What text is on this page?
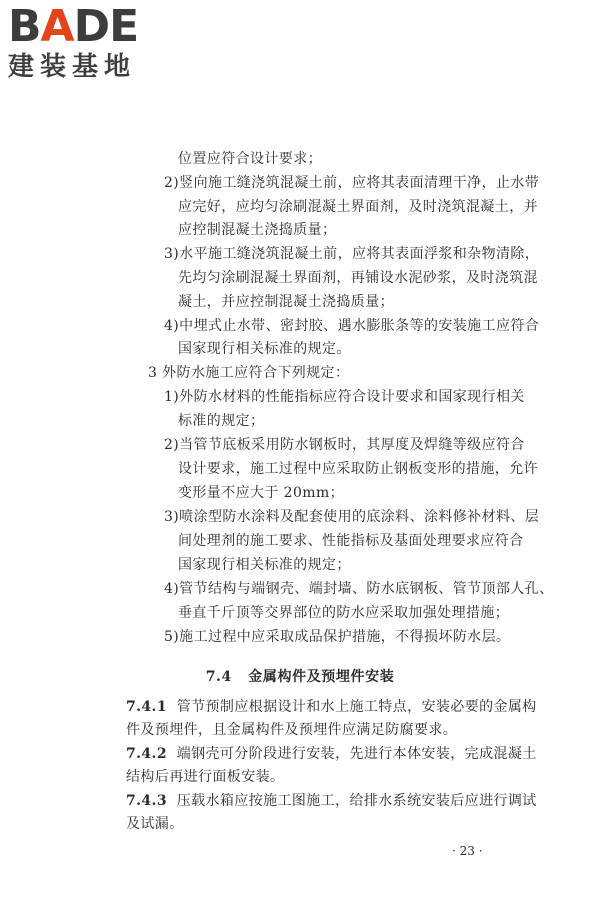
BADE
建装基地
位置应符合设计要求；
2)竖向施工缝浇筑混凝土前，应将其表面清理干净，止水带
应完好，应均匀涂刷混凝土界面剂，及时浇筑混凝土，并
应控制混凝土浇捣质量；
3)水平施工缝浇筑混凝土前，应将其表面浮浆和杂物清除，
先均匀涂刷混凝土界面剂，再铺设水泥砂浆，及时浇筑混
凝土，并应控制混凝土浇捣质量；
4)中埋式止水带、密封胶、遇水膨胀条等的安装施工应符合
国家现行相关标准的规定。
3 外防水施工应符合下列规定：
1)外防水材料的性能指标应符合设计要求和国家现行相关
标准的规定；
2)当管节底板采用防水钢板时，其厚度及焊缝等级应符合
设计要求，施工过程中应采取防止钢板变形的措施，允许
变形量不应大于 20mm；
3)喷涂型防水涂料及配套使用的底涂料、涂料修补材料、层
间处理剂的施工要求、性能指标及基面处理要求应符合
国家现行相关标准的规定；
4)管节结构与端钢壳、端封墙、防水底钢板、管节顶部人孔、
垂直千斤顶等交界部位的防水应采取加强处理措施；
5)施工过程中应采取成品保护措施，不得损坏防水层。
7.4 金属构件及预埋件安装
7.4.1 管节预制应根据设计和水上施工特点，安装必要的金属构
件及预埋件，且金属构件及预埋件应满足防腐要求。
7.4.2 端钢壳可分阶段进行安装，先进行本体安装，完成混凝土
结构后再进行面板安装。
7.4.3 压载水箱应按施工图施工，给排水系统安装后应进行调试
及试漏。
· 23 ·
